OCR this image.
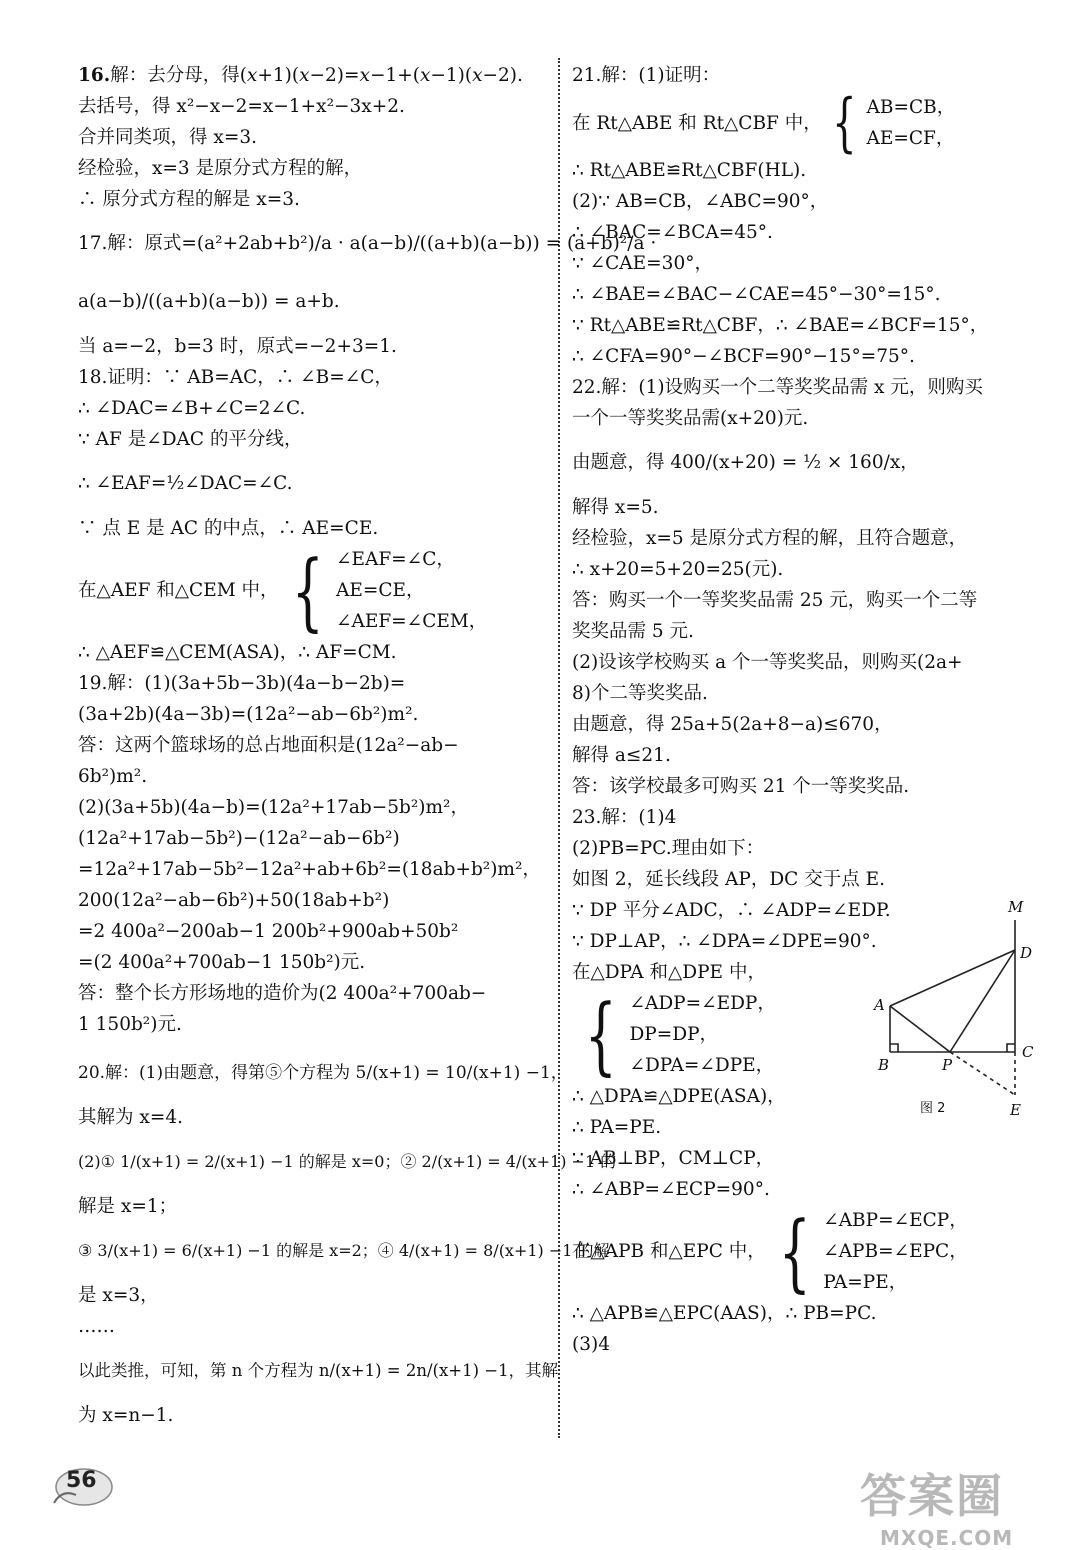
16.解：去分母，得(x+1)(x−2)=x−1+(x−1)(x−2).
去括号，得 x²−x−2=x−1+x²−3x+2.
合并同类项，得 x=3.
经检验，x=3 是原分式方程的解，
∴ 原分式方程的解是 x=3.
17.解：原式=(a²+2ab+b²)/a · a(a−b)/((a+b)(a−b)) = (a+b)²/a ·
a(a−b)/((a+b)(a−b)) = a+b.
当 a=−2，b=3 时，原式=−2+3=1.
18.证明：∵ AB=AC，∴ ∠B=∠C，
∴ ∠DAC=∠B+∠C=2∠C.
∵ AF 是∠DAC 的平分线，
∴ ∠EAF=½∠DAC=∠C.
∵ 点 E 是 AC 的中点，∴ AE=CE.
在△AEF 和△CEM 中， { ∠EAF=∠C，
AE=CE，
∠AEF=∠CEM，
∴ △AEF≌△CEM(ASA)，∴ AF=CM.
19.解：(1)(3a+5b−3b)(4a−b−2b)=
(3a+2b)(4a−3b)=(12a²−ab−6b²)m².
答：这两个篮球场的总占地面积是(12a²−ab−
6b²)m².
(2)(3a+5b)(4a−b)=(12a²+17ab−5b²)m²，
(12a²+17ab−5b²)−(12a²−ab−6b²)
=12a²+17ab−5b²−12a²+ab+6b²=(18ab+b²)m²，
200(12a²−ab−6b²)+50(18ab+b²)
=2 400a²−200ab−1 200b²+900ab+50b²
=(2 400a²+700ab−1 150b²)元.
答：整个长方形场地的造价为(2 400a²+700ab−
1 150b²)元.
20.解：(1)由题意，得第⑤个方程为 5/(x+1) = 10/(x+1) −1，
其解为 x=4.
(2)① 1/(x+1) = 2/(x+1) −1 的解是 x=0；② 2/(x+1) = 4/(x+1) −1 的
解是 x=1；
③ 3/(x+1) = 6/(x+1) −1 的解是 x=2；④ 4/(x+1) = 8/(x+1) −1 的解
是 x=3，
……
以此类推，可知，第 n 个方程为 n/(x+1) = 2n/(x+1) −1，其解
为 x=n−1.
21.解：(1)证明：
在 Rt△ABE 和 Rt△CBF 中， { AB=CB，
AE=CF，
∴ Rt△ABE≌Rt△CBF(HL).
(2)∵ AB=CB，∠ABC=90°，
∴ ∠BAC=∠BCA=45°.
∵ ∠CAE=30°，
∴ ∠BAE=∠BAC−∠CAE=45°−30°=15°.
∵ Rt△ABE≌Rt△CBF，∴ ∠BAE=∠BCF=15°，
∴ ∠CFA=90°−∠BCF=90°−15°=75°.
22.解：(1)设购买一个二等奖奖品需 x 元，则购买
一个一等奖奖品需(x+20)元.
由题意，得 400/(x+20) = ½ × 160/x，
解得 x=5.
经检验，x=5 是原分式方程的解，且符合题意，
∴ x+20=5+20=25(元).
答：购买一个一等奖奖品需 25 元，购买一个二等
奖奖品需 5 元.
(2)设该学校购买 a 个一等奖奖品，则购买(2a+
8)个二等奖奖品.
由题意，得 25a+5(2a+8−a)≤670，
解得 a≤21.
答：该学校最多可购买 21 个一等奖奖品.
23.解：(1)4
(2)PB=PC.理由如下：
如图 2，延长线段 AP，DC 交于点 E.
∵ DP 平分∠ADC，∴ ∠ADP=∠EDP.
∵ DP⊥AP，∴ ∠DPA=∠DPE=90°.
在△DPA 和△DPE 中，
{ ∠ADP=∠EDP，
DP=DP，
∠DPA=∠DPE，
∴ △DPA≌△DPE(ASA)，
∴ PA=PE.
∵ AB⊥BP，CM⊥CP，
∴ ∠ABP=∠ECP=90°.
在△APB 和△EPC 中， { ∠ABP=∠ECP，
∠APB=∠EPC，
PA=PE，
∴ △APB≌△EPC(AAS)，∴ PB=PC.
(3)4
M
D
A
B	P
C
E
图 2
56	答案圈
MXQE.COM
